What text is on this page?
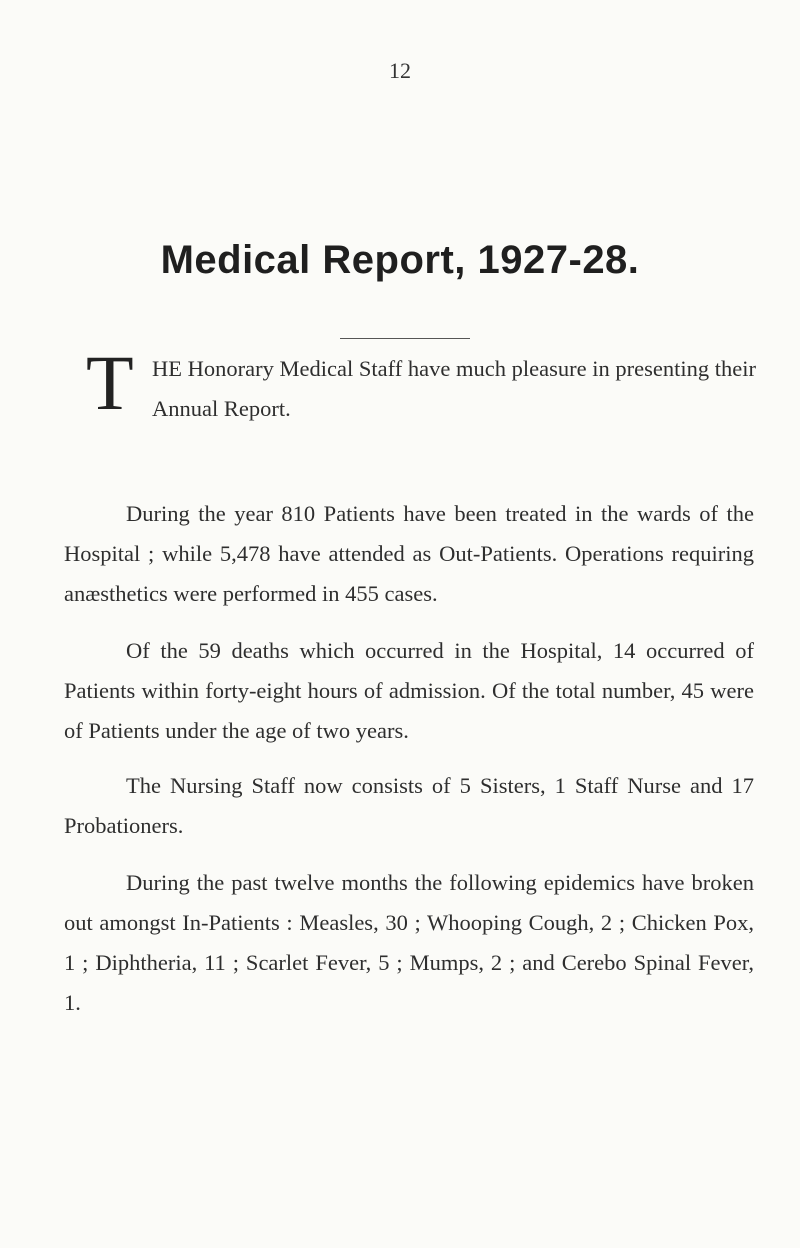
12
Medical Report, 1927-28.
T HE Honorary Medical Staff have much pleasure in presenting their Annual Report.

During the year 810 Patients have been treated in the wards of the Hospital ; while 5,478 have attended as Out-Patients. Operations requiring anæsthetics were performed in 455 cases.

Of the 59 deaths which occurred in the Hospital, 14 occurred of Patients within forty-eight hours of admission. Of the total number, 45 were of Patients under the age of two years.

The Nursing Staff now consists of 5 Sisters, 1 Staff Nurse and 17 Probationers.

During the past twelve months the following epidemics have broken out amongst In-Patients : Measles, 30 ; Whooping Cough, 2 ; Chicken Pox, 1 ; Diphtheria, 11 ; Scarlet Fever, 5 ; Mumps, 2 ; and Cerebo Spinal Fever, 1.
